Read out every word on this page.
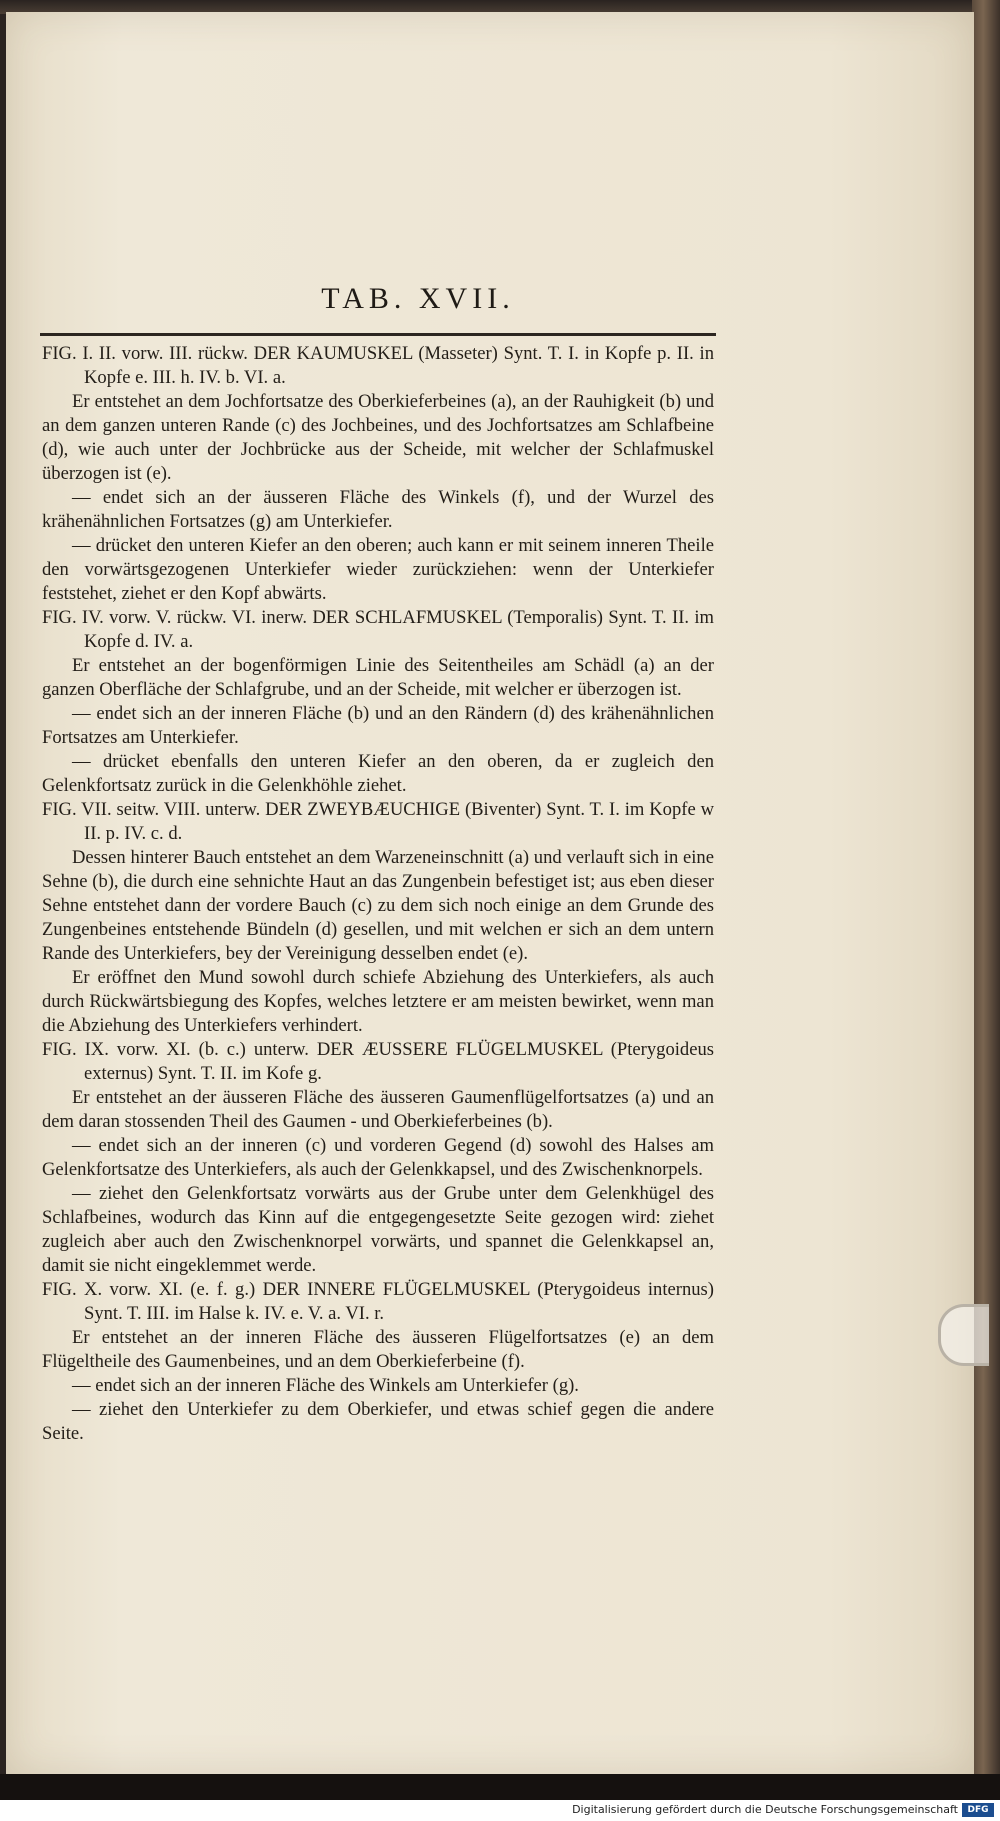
TAB. XVII.

FIG. I. II. vorw. III. rückw. DER KAUMUSKEL (Masseter) Synt. T. I. in Kopfe p. II. in Kopfe e. III. h. IV. b. VI. a.

Er entstehet an dem Jochfortsatze des Oberkieferbeines (a), an der Rauhigkeit (b) und an dem ganzen unteren Rande (c) des Jochbeines, und des Jochfortsatzes am Schlafbeine (d), wie auch unter der Jochbrücke aus der Scheide, mit welcher der Schlafmuskel überzogen ist (e).

— endet sich an der äusseren Fläche des Winkels (f), und der Wurzel des krähenähnlichen Fortsatzes (g) am Unterkiefer.

— drücket den unteren Kiefer an den oberen; auch kann er mit seinem inneren Theile den vorwärtsgezogenen Unterkiefer wieder zurückziehen: wenn der Unterkiefer feststehet, ziehet er den Kopf abwärts.

FIG. IV. vorw. V. rückw. VI. inerw. DER SCHLAFMUSKEL (Temporalis) Synt. T. II. im Kopfe d. IV. a.

Er entstehet an der bogenförmigen Linie des Seitentheiles am Schädl (a) an der ganzen Oberfläche der Schlafgrube, und an der Scheide, mit welcher er überzogen ist.

— endet sich an der inneren Fläche (b) und an den Rändern (d) des krähenähnlichen Fortsatzes am Unterkiefer.

— drücket ebenfalls den unteren Kiefer an den oberen, da er zugleich den Gelenkfortsatz zurück in die Gelenkhöhle ziehet.

FIG. VII. seitw. VIII. unterw. DER ZWEYBÆUCHIGE (Biventer) Synt. T. I. im Kopfe w II. p. IV. c. d.

Dessen hinterer Bauch entstehet an dem Warzeneinschnitt (a) und verlauft sich in eine Sehne (b), die durch eine sehnichte Haut an das Zungenbein befestiget ist; aus eben dieser Sehne entstehet dann der vordere Bauch (c) zu dem sich noch einige an dem Grunde des Zungenbeines entstehende Bündeln (d) gesellen, und mit welchen er sich an dem untern Rande des Unterkiefers, bey der Vereinigung desselben endet (e).

Er eröffnet den Mund sowohl durch schiefe Abziehung des Unterkiefers, als auch durch Rückwärtsbiegung des Kopfes, welches letztere er am meisten bewirket, wenn man die Abziehung des Unterkiefers verhindert.

FIG. IX. vorw. XI. (b. c.) unterw. DER ÆUSSERE FLÜGELMUSKEL (Pterygoideus externus) Synt. T. II. im Kofe g.

Er entstehet an der äusseren Fläche des äusseren Gaumenflügelfortsatzes (a) und an dem daran stossenden Theil des Gaumen - und Oberkieferbeines (b).

— endet sich an der inneren (c) und vorderen Gegend (d) sowohl des Halses am Gelenkfortsatze des Unterkiefers, als auch der Gelenkkapsel, und des Zwischenknorpels.

— ziehet den Gelenkfortsatz vorwärts aus der Grube unter dem Gelenkhügel des Schlafbeines, wodurch das Kinn auf die entgegengesetzte Seite gezogen wird: ziehet zugleich aber auch den Zwischenknorpel vorwärts, und spannet die Gelenkkapsel an, damit sie nicht eingeklemmet werde.

FIG. X. vorw. XI. (e. f. g.) DER INNERE FLÜGELMUSKEL (Pterygoideus internus) Synt. T. III. im Halse k. IV. e. V. a. VI. r.

Er entstehet an der inneren Fläche des äusseren Flügelfortsatzes (e) an dem Flügeltheile des Gaumenbeines, und an dem Oberkieferbeine (f).

— endet sich an der inneren Fläche des Winkels am Unterkiefer (g).

— ziehet den Unterkiefer zu dem Oberkiefer, und etwas schief gegen die andere Seite.

Digitalisierung gefördert durch die Deutsche Forschungsgemeinschaft	DFG
